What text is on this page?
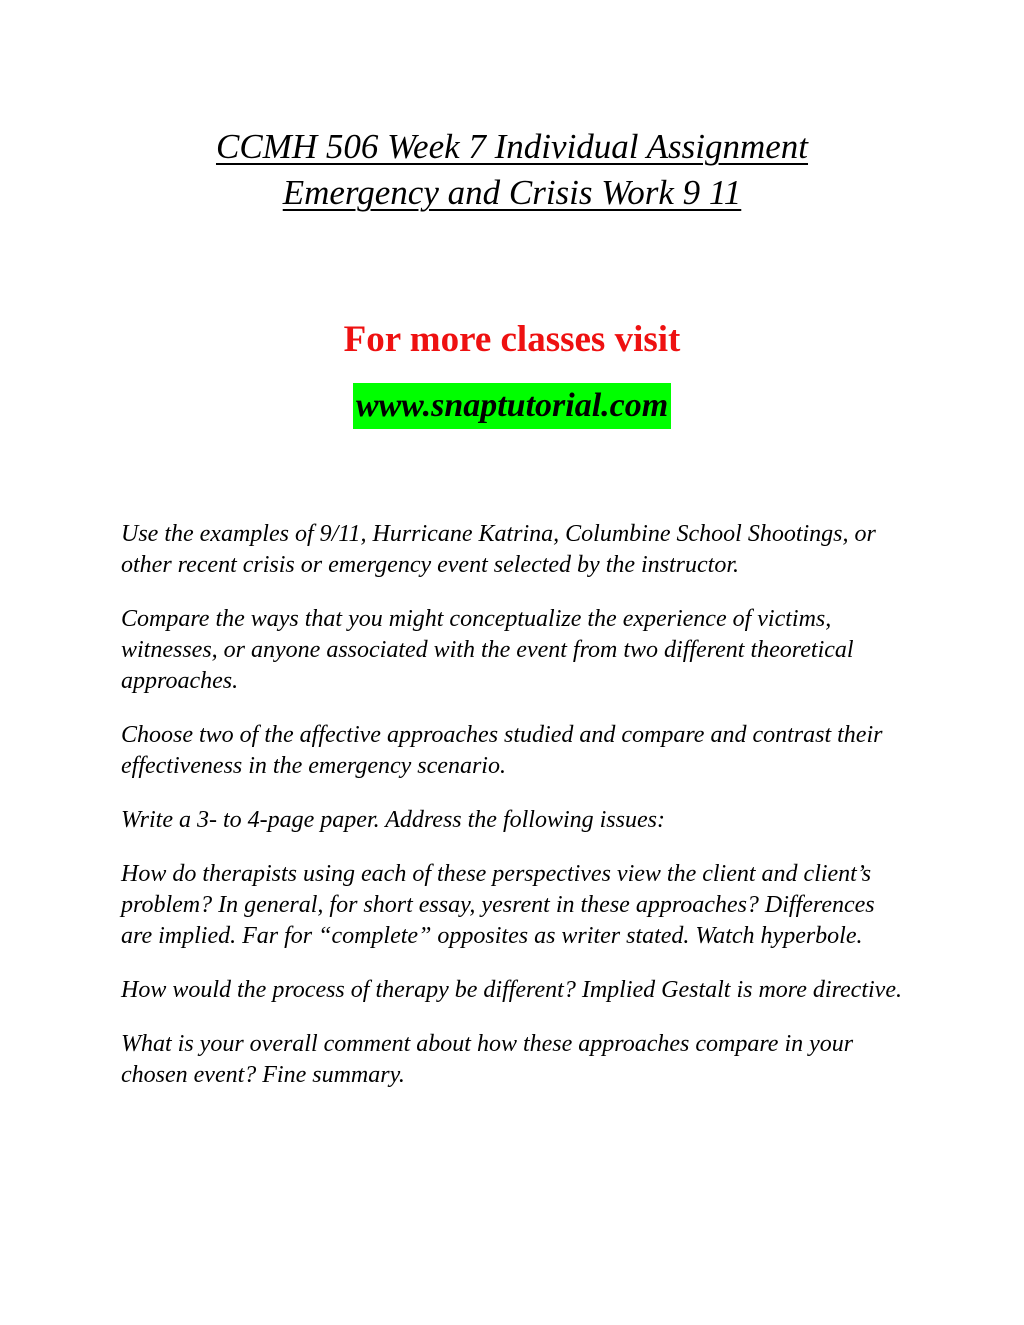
CCMH 506 Week 7 Individual Assignment
Emergency and Crisis Work 9 11
For more classes visit
www.snaptutorial.com

Use the examples of 9/11, Hurricane Katrina, Columbine School Shootings, or other recent crisis or emergency event selected by the instructor.

Compare the ways that you might conceptualize the experience of victims, witnesses, or anyone associated with the event from two different theoretical approaches.

Choose two of the affective approaches studied and compare and contrast their effectiveness in the emergency scenario.

Write a 3- to 4-page paper. Address the following issues:

How do therapists using each of these perspectives view the client and client’s problem? In general, for short essay, yesrent in these approaches? Differences are implied. Far for “complete” opposites as writer stated. Watch hyperbole.

How would the process of therapy be different? Implied Gestalt is more directive.

What is your overall comment about how these approaches compare in your chosen event? Fine summary.
